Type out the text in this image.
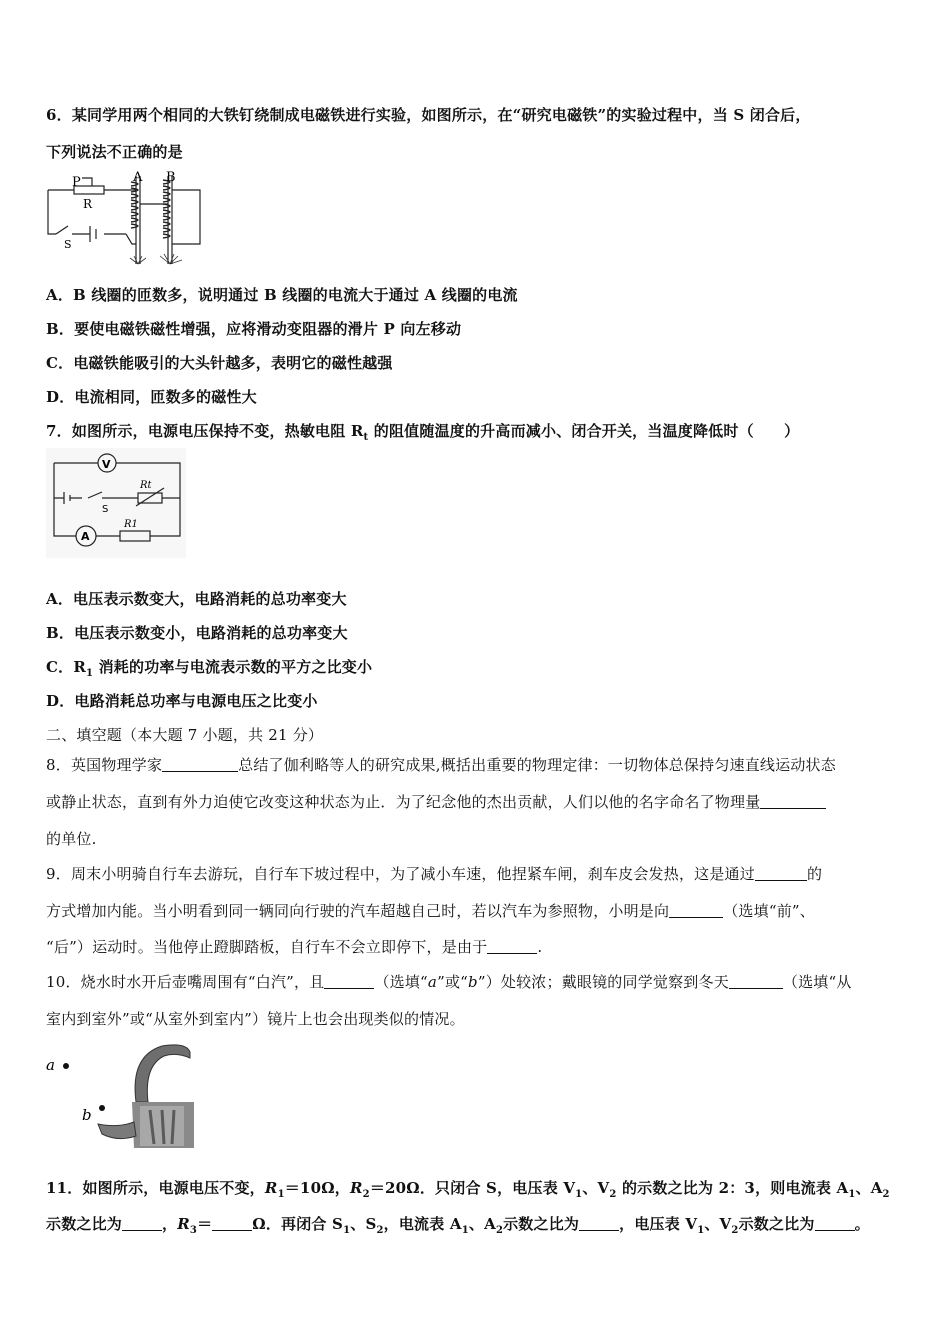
6．某同学用两个相同的大铁钉绕制成电磁铁进行实验，如图所示，在“研究电磁铁”的实验过程中，当 S 闭合后，
下列说法不正确的是
P
R
S
A B
A．B 线圈的匝数多，说明通过 B 线圈的电流大于通过 A 线圈的电流
B．要使电磁铁磁性增强，应将滑动变阻器的滑片 P 向左移动
C．电磁铁能吸引的大头针越多，表明它的磁性越强
D．电流相同，匝数多的磁性大
7．如图所示，电源电压保持不变，热敏电阻 $R_t$ 的阻值随温度的升高而减小、闭合开关，当温度降低时（　　）
V
A
S
Rt
R1
A．电压表示数变大，电路消耗的总功率变大
B．电压表示数变小，电路消耗的总功率变大
C．$R_1$ 消耗的功率与电流表示数的平方之比变小
D．电路消耗总功率与电源电压之比变小
二、填空题（本大题 7 小题，共 21 分）
8．英国物理学家	总结了伽利略等人的研究成果,概括出重要的物理定律：一切物体总保持匀速直线运动状态
或静止状态，直到有外力迫使它改变这种状态为止．为了纪念他的杰出贡献，人们以他的名字命名了物理量
的单位.
9．周末小明骑自行车去游玩，自行车下坡过程中，为了减小车速，他捏紧车闸，刹车皮会发热，这是通过	的
方式增加内能。当小明看到同一辆同向行驶的汽车超越自己时，若以汽车为参照物，小明是向	（选填“前”、
“后”）运动时。当他停止蹬脚踏板，自行车不会立即停下，是由于	.
10．烧水时水开后壶嘴周围有“白汽”，且	（选填“a”或“b”）处较浓；戴眼镜的同学觉察到冬天	（选填“从
室内到室外”或“从室外到室内”）镜片上也会出现类似的情况。
a
b
11．如图所示，电源电压不变，$R_1=10\Omega$，$R_2=20\Omega$．只闭合 S，电压表 $V_1$、$V_2$ 的示数之比为 2：3，则电流表 $A_1$、$A_2$
示数之比为	，$R_3=$	Ω．再闭合 $S_1$、$S_2$，电流表 $A_1$、$A_2$示数之比为	，电压表 $V_1$、$V_2$示数之比为	。
